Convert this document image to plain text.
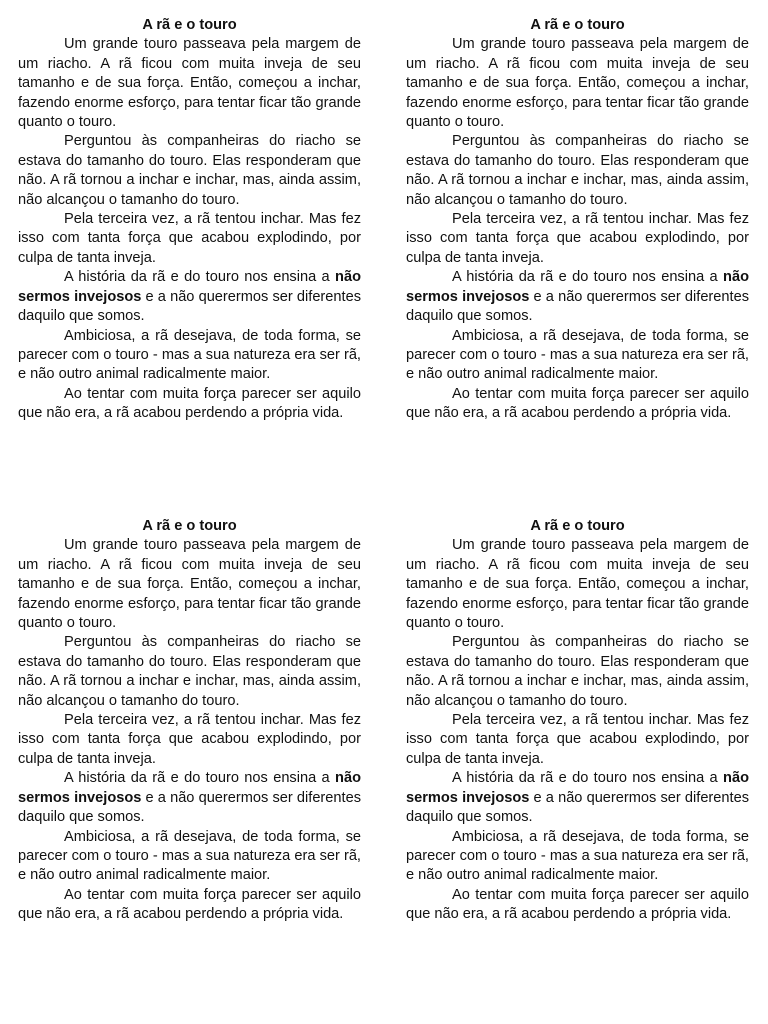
A rã e o touro

Um grande touro passeava pela margem de um riacho. A rã ficou com muita inveja de seu tamanho e de sua força. Então, começou a inchar, fazendo enorme esforço, para tentar ficar tão grande quanto o touro.

Perguntou às companheiras do riacho se estava do tamanho do touro. Elas responderam que não. A rã tornou a inchar e inchar, mas, ainda assim, não alcançou o tamanho do touro.

Pela terceira vez, a rã tentou inchar. Mas fez isso com tanta força que acabou explodindo, por culpa de tanta inveja.

A história da rã e do touro nos ensina a não sermos invejosos e a não querermos ser diferentes daquilo que somos.

Ambiciosa, a rã desejava, de toda forma, se parecer com o touro - mas a sua natureza era ser rã, e não outro animal radicalmente maior.

Ao tentar com muita força parecer ser aquilo que não era, a rã acabou perdendo a própria vida.

A rã e o touro

Um grande touro passeava pela margem de um riacho. A rã ficou com muita inveja de seu tamanho e de sua força. Então, começou a inchar, fazendo enorme esforço, para tentar ficar tão grande quanto o touro.

Perguntou às companheiras do riacho se estava do tamanho do touro. Elas responderam que não. A rã tornou a inchar e inchar, mas, ainda assim, não alcançou o tamanho do touro.

Pela terceira vez, a rã tentou inchar. Mas fez isso com tanta força que acabou explodindo, por culpa de tanta inveja.

A história da rã e do touro nos ensina a não sermos invejosos e a não querermos ser diferentes daquilo que somos.

Ambiciosa, a rã desejava, de toda forma, se parecer com o touro - mas a sua natureza era ser rã, e não outro animal radicalmente maior.

Ao tentar com muita força parecer ser aquilo que não era, a rã acabou perdendo a própria vida.

A rã e o touro

Um grande touro passeava pela margem de um riacho. A rã ficou com muita inveja de seu tamanho e de sua força. Então, começou a inchar, fazendo enorme esforço, para tentar ficar tão grande quanto o touro.

Perguntou às companheiras do riacho se estava do tamanho do touro. Elas responderam que não. A rã tornou a inchar e inchar, mas, ainda assim, não alcançou o tamanho do touro.

Pela terceira vez, a rã tentou inchar. Mas fez isso com tanta força que acabou explodindo, por culpa de tanta inveja.

A história da rã e do touro nos ensina a não sermos invejosos e a não querermos ser diferentes daquilo que somos.

Ambiciosa, a rã desejava, de toda forma, se parecer com o touro - mas a sua natureza era ser rã, e não outro animal radicalmente maior.

Ao tentar com muita força parecer ser aquilo que não era, a rã acabou perdendo a própria vida.

A rã e o touro

Um grande touro passeava pela margem de um riacho. A rã ficou com muita inveja de seu tamanho e de sua força. Então, começou a inchar, fazendo enorme esforço, para tentar ficar tão grande quanto o touro.

Perguntou às companheiras do riacho se estava do tamanho do touro. Elas responderam que não. A rã tornou a inchar e inchar, mas, ainda assim, não alcançou o tamanho do touro.

Pela terceira vez, a rã tentou inchar. Mas fez isso com tanta força que acabou explodindo, por culpa de tanta inveja.

A história da rã e do touro nos ensina a não sermos invejosos e a não querermos ser diferentes daquilo que somos.

Ambiciosa, a rã desejava, de toda forma, se parecer com o touro - mas a sua natureza era ser rã, e não outro animal radicalmente maior.

Ao tentar com muita força parecer ser aquilo que não era, a rã acabou perdendo a própria vida.
